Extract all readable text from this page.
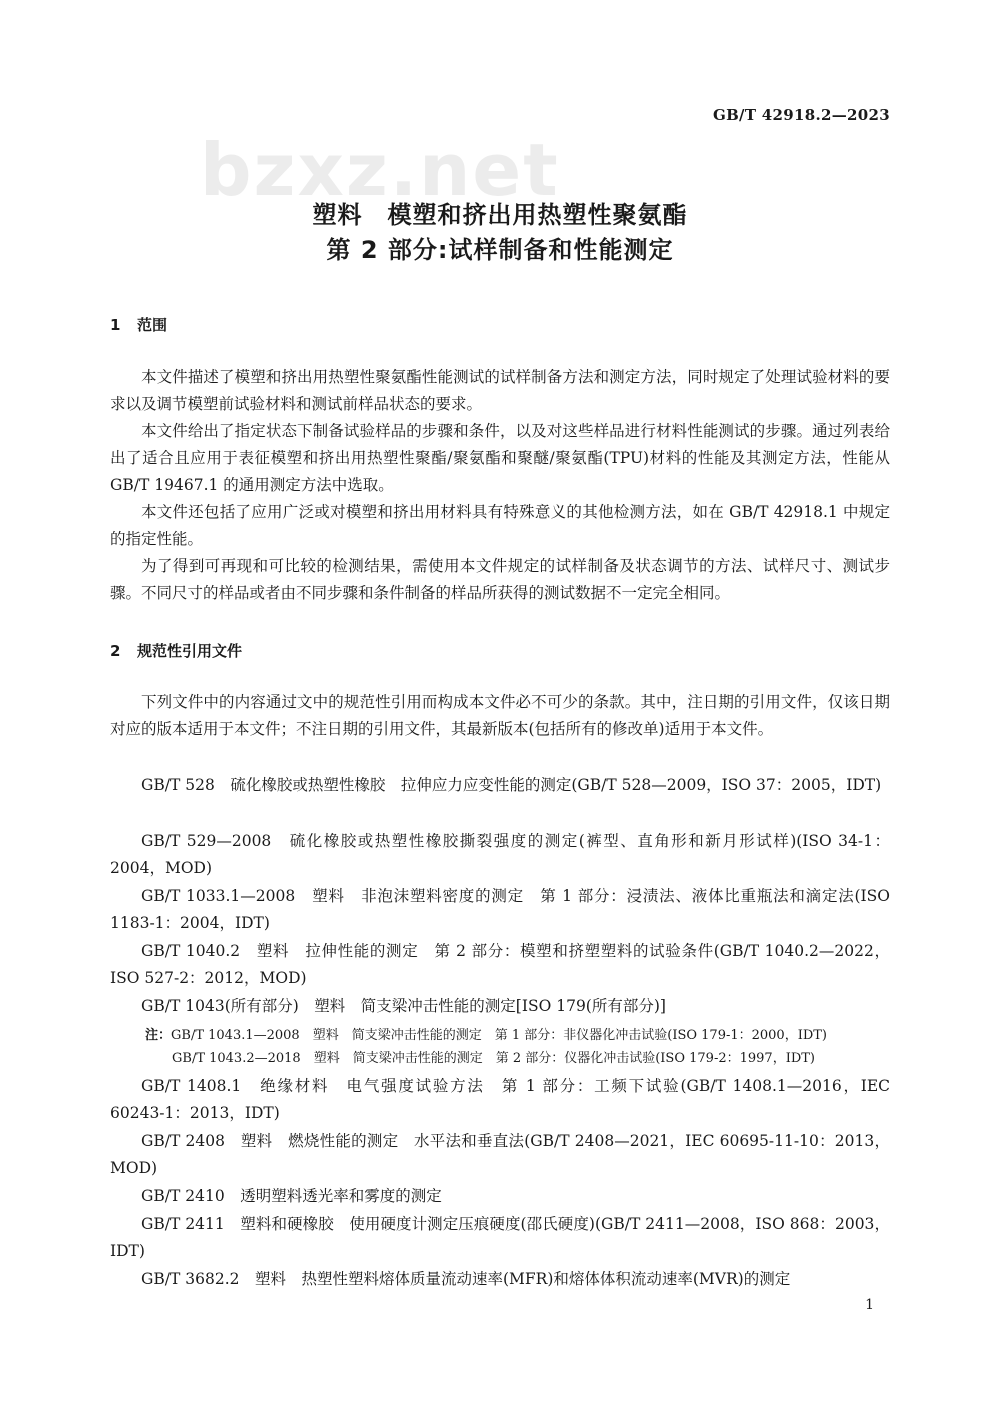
bzxz.net
GB/T 42918.2—2023
塑料　模塑和挤出用热塑性聚氨酯
第 2 部分:试样制备和性能测定
1 范围
本文件描述了模塑和挤出用热塑性聚氨酯性能测试的试样制备方法和测定方法，同时规定了处理试验材料的要求以及调节模塑前试验材料和测试前样品状态的要求。
本文件给出了指定状态下制备试验样品的步骤和条件，以及对这些样品进行材料性能测试的步骤。通过列表给出了适合且应用于表征模塑和挤出用热塑性聚酯/聚氨酯和聚醚/聚氨酯(TPU)材料的性能及其测定方法，性能从 GB/T 19467.1 的通用测定方法中选取。
本文件还包括了应用广泛或对模塑和挤出用材料具有特殊意义的其他检测方法，如在 GB/T 42918.1 中规定的指定性能。
为了得到可再现和可比较的检测结果，需使用本文件规定的试样制备及状态调节的方法、试样尺寸、测试步骤。不同尺寸的样品或者由不同步骤和条件制备的样品所获得的测试数据不一定完全相同。
2 规范性引用文件
下列文件中的内容通过文中的规范性引用而构成本文件必不可少的条款。其中，注日期的引用文件，仅该日期对应的版本适用于本文件；不注日期的引用文件，其最新版本(包括所有的修改单)适用于本文件。
GB/T 528　硫化橡胶或热塑性橡胶　拉伸应力应变性能的测定(GB/T 528—2009，ISO 37：2005，IDT)
GB/T 529—2008　硫化橡胶或热塑性橡胶撕裂强度的测定(裤型、直角形和新月形试样)(ISO 34-1：2004，MOD)
GB/T 1033.1—2008　塑料　非泡沫塑料密度的测定　第 1 部分：浸渍法、液体比重瓶法和滴定法(ISO 1183-1：2004，IDT)
GB/T 1040.2　塑料　拉伸性能的测定　第 2 部分：模塑和挤塑塑料的试验条件(GB/T 1040.2—2022，ISO 527-2：2012，MOD)
GB/T 1043(所有部分)　塑料　简支梁冲击性能的测定[ISO 179(所有部分)]
注：GB/T 1043.1—2008　塑料　简支梁冲击性能的测定　第 1 部分：非仪器化冲击试验(ISO 179-1：2000，IDT)
GB/T 1043.2—2018　塑料　简支梁冲击性能的测定　第 2 部分：仪器化冲击试验(ISO 179-2：1997，IDT)
GB/T 1408.1　绝缘材料　电气强度试验方法　第 1 部分：工频下试验(GB/T 1408.1—2016，IEC 60243-1：2013，IDT)
GB/T 2408　塑料　燃烧性能的测定　水平法和垂直法(GB/T 2408—2021，IEC 60695-11-10：2013，MOD)
GB/T 2410　透明塑料透光率和雾度的测定
GB/T 2411　塑料和硬橡胶　使用硬度计测定压痕硬度(邵氏硬度)(GB/T 2411—2008，ISO 868：2003，IDT)
GB/T 3682.2　塑料　热塑性塑料熔体质量流动速率(MFR)和熔体体积流动速率(MVR)的测定
1
